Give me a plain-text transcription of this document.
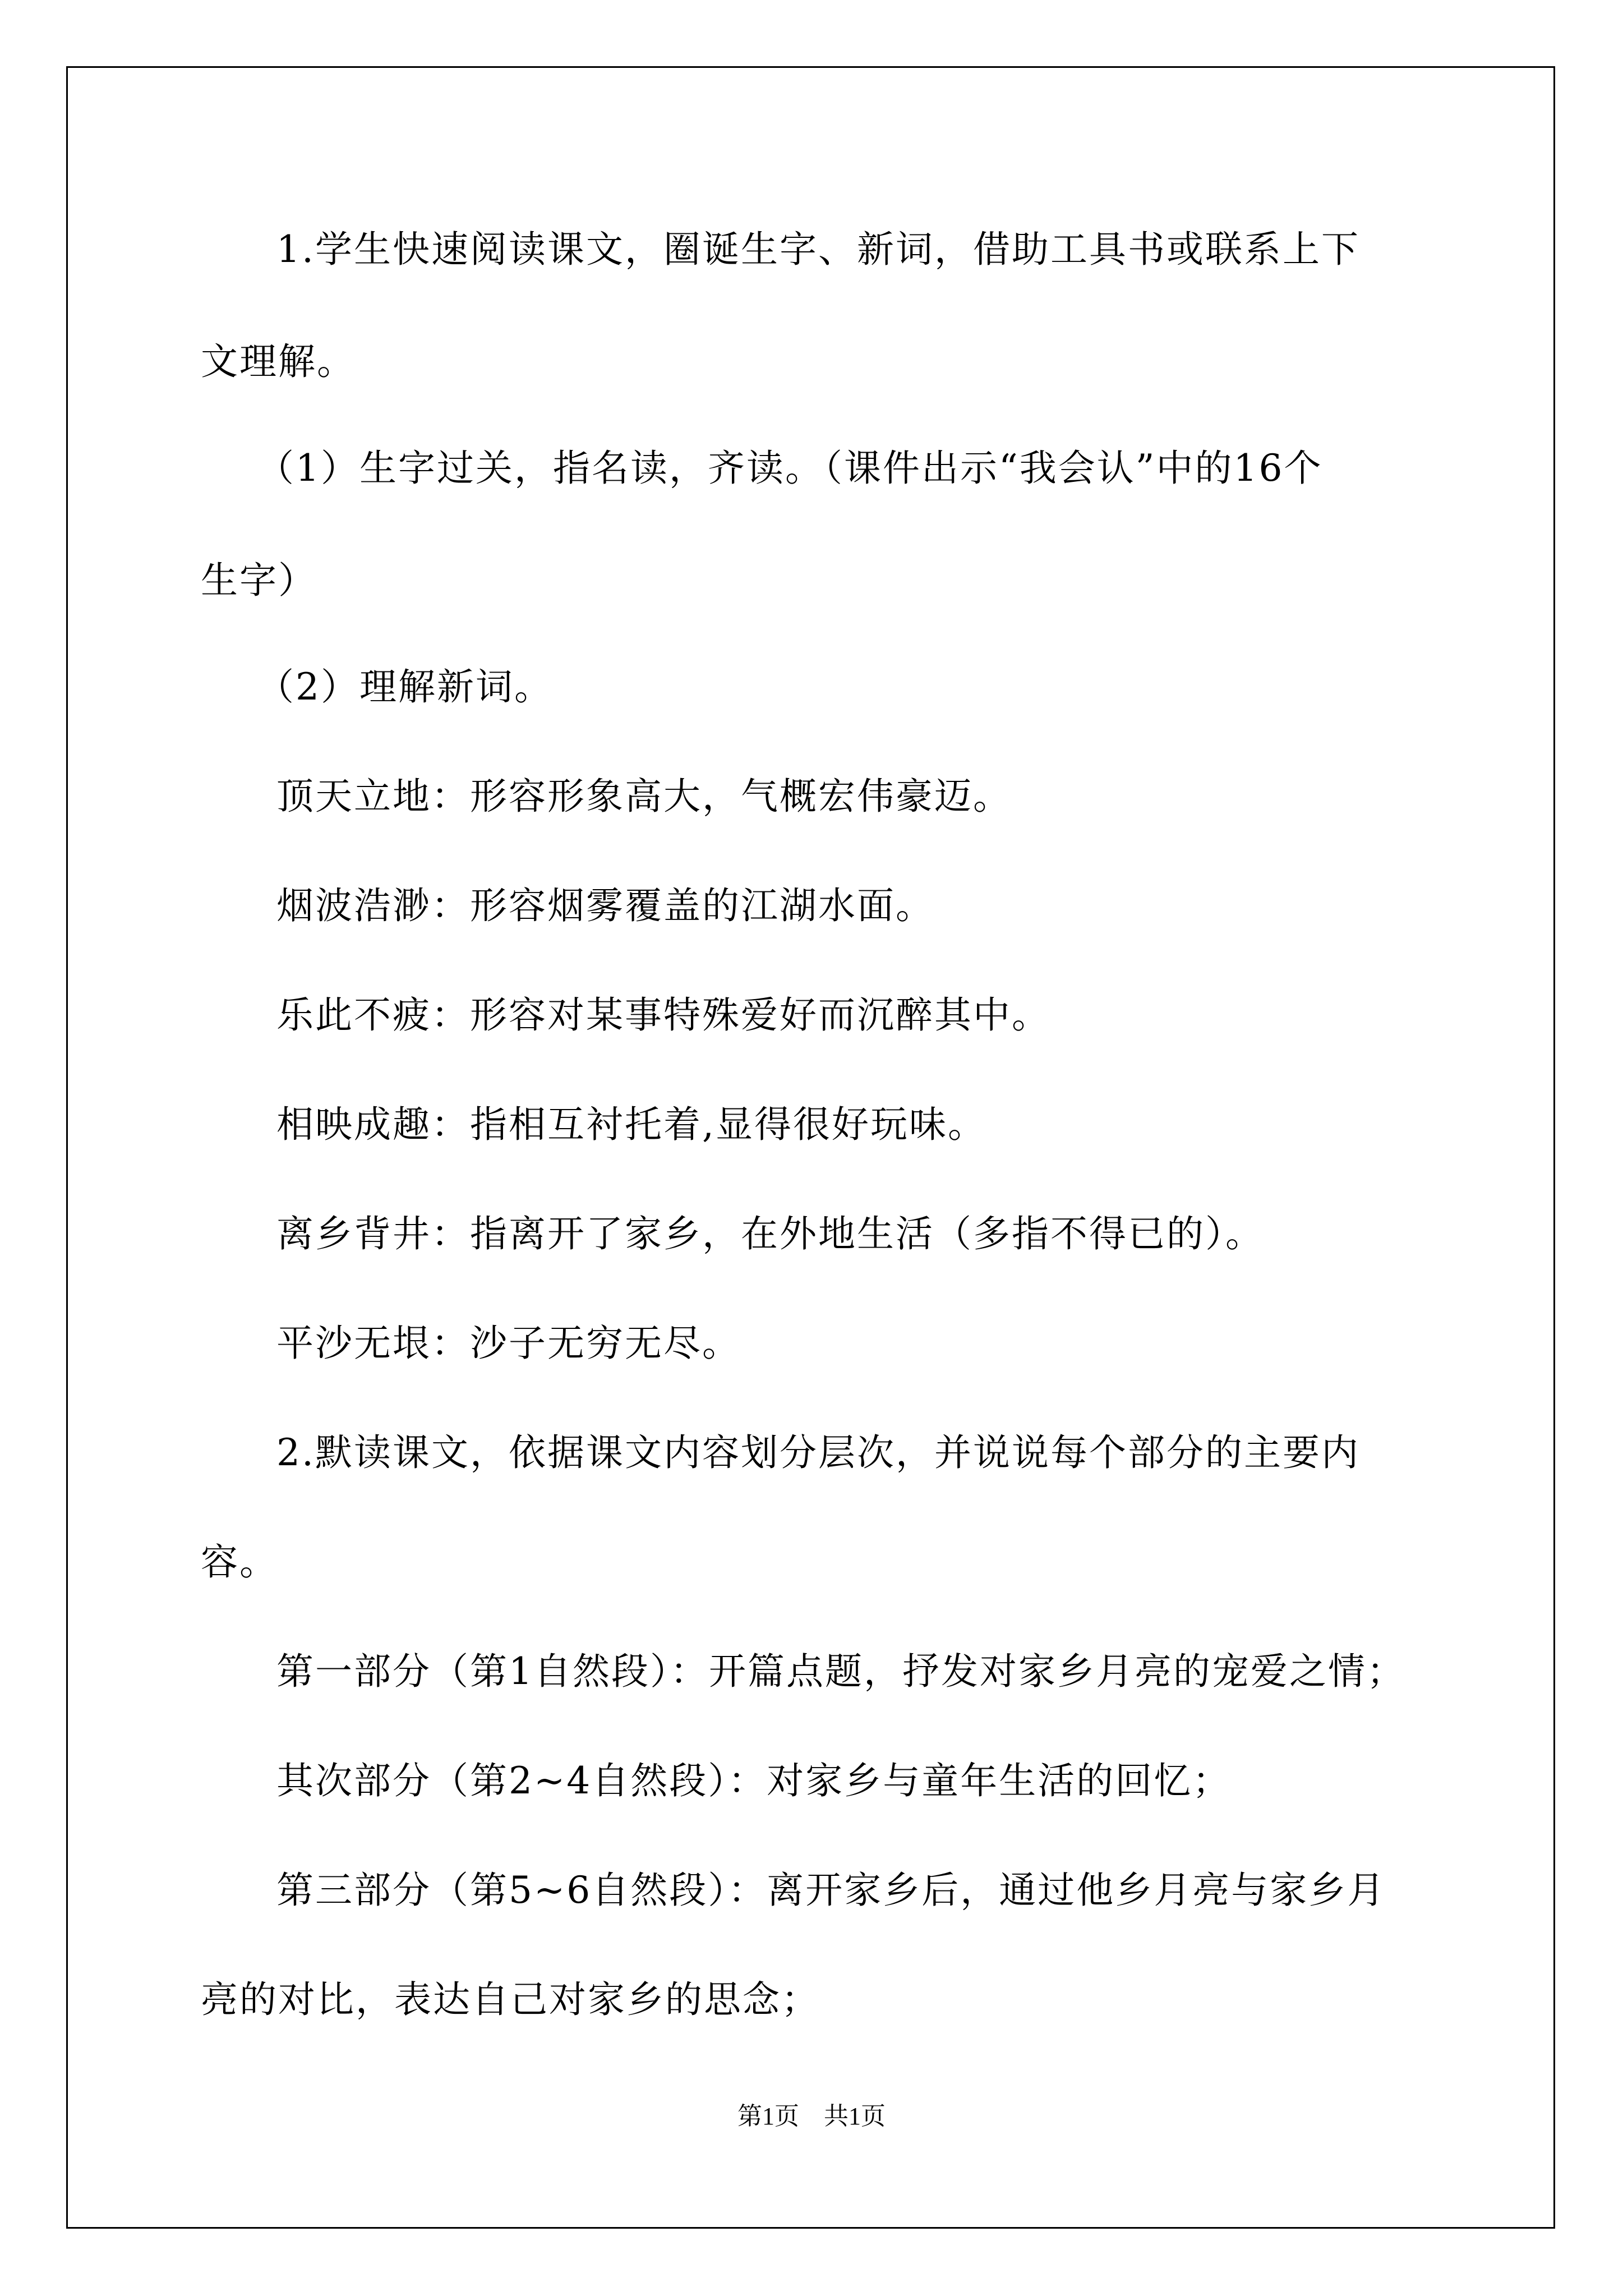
1.学生快速阅读课文，圈诞生字、新词，借助工具书或联系上下
文理解。
（1）生字过关，指名读，齐读。（课件出示“我会认”中的16个
生字）
（2）理解新词。
顶天立地：形容形象高大，气概宏伟豪迈。
烟波浩渺：形容烟雾覆盖的江湖水面。
乐此不疲：形容对某事特殊爱好而沉醉其中。
相映成趣：指相互衬托着,显得很好玩味。
离乡背井：指离开了家乡，在外地生活（多指不得已的）。
平沙无垠：沙子无穷无尽。
2.默读课文，依据课文内容划分层次，并说说每个部分的主要内
容。
第一部分（第1自然段）：开篇点题，抒发对家乡月亮的宠爱之情；
其次部分（第2~4自然段）：对家乡与童年生活的回忆；
第三部分（第5~6自然段）：离开家乡后，通过他乡月亮与家乡月
亮的对比，表达自己对家乡的思念；
第1页　共1页
